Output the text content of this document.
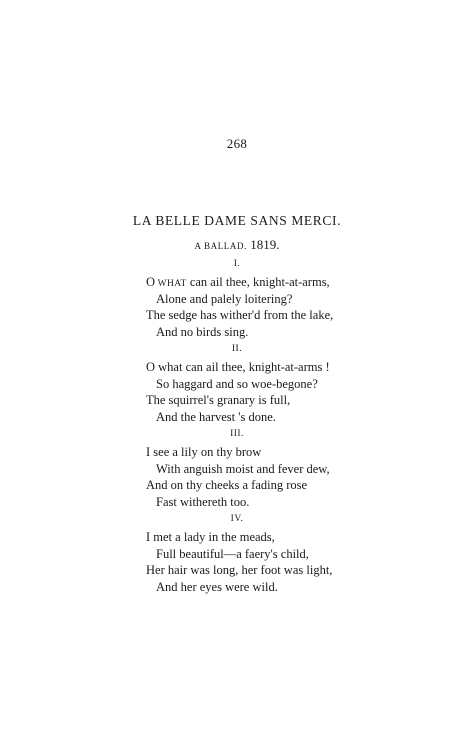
268
LA BELLE DAME SANS MERCI.
A BALLAD. 1819.
I.
O WHAT can ail thee, knight-at-arms,
Alone and palely loitering?
The sedge has wither'd from the lake,
And no birds sing.
II.
O what can ail thee, knight-at-arms !
So haggard and so woe-begone?
The squirrel's granary is full,
And the harvest 's done.
III.
I see a lily on thy brow
With anguish moist and fever dew,
And on thy cheeks a fading rose
Fast withereth too.
IV.
I met a lady in the meads,
Full beautiful—a faery's child,
Her hair was long, her foot was light,
And her eyes were wild.
